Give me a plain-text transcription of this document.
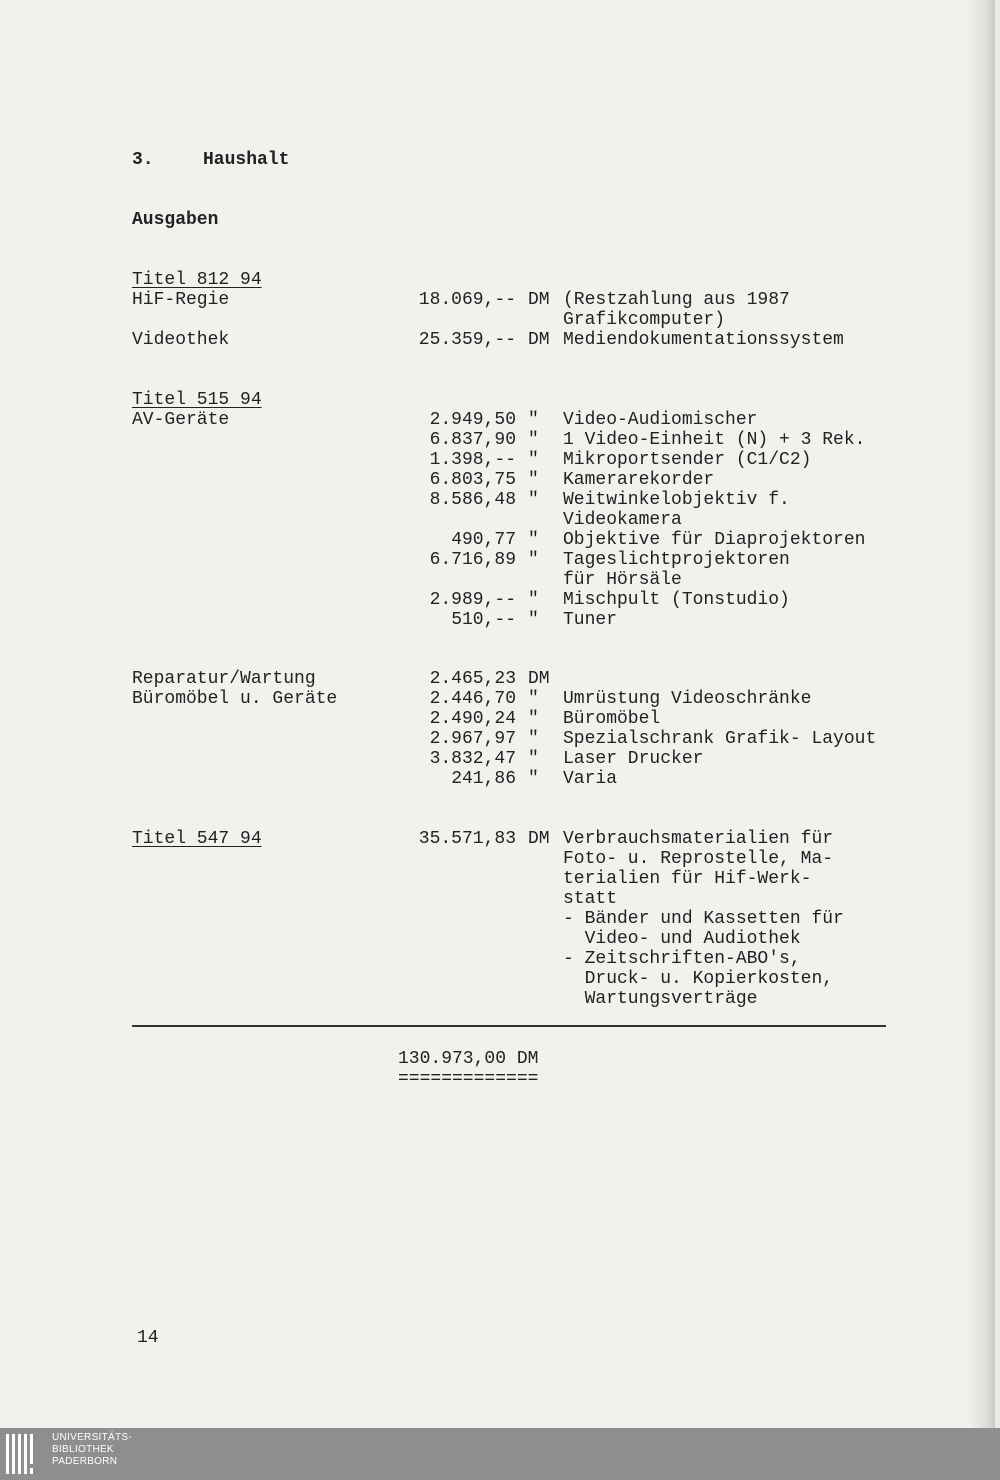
3.	Haushalt
Ausgaben
Titel 812 94
HiF-Regie	18.069,-- DM (Restzahlung aus 1987
Grafikcomputer)
Videothek	25.359,-- DM Mediendokumentationssystem
Titel 515 94
AV-Geräte	2.949,50 " Video-Audiomischer
6.837,90 " 1 Video-Einheit (N) + 3 Rek.
1.398,-- " Mikroportsender (C1/C2)
6.803,75 " Kamerarekorder
8.586,48 " Weitwinkelobjektiv f.
Videokamera
490,77 " Objektive für Diaprojektoren
6.716,89 " Tageslichtprojektoren
für Hörsäle
2.989,-- " Mischpult (Tonstudio)
510,-- " Tuner
Reparatur/Wartung	2.465,23 DM
Büromöbel u. Geräte	2.446,70 " Umrüstung Videoschränke
2.490,24 " Büromöbel
2.967,97 " Spezialschrank Grafik- Layout
3.832,47 " Laser Drucker
241,86 " Varia
Titel 547 94	35.571,83 DM Verbrauchsmaterialien für
Foto- u. Reprostelle, Ma-
terialien für Hif-Werk-
statt
- Bänder und Kassetten für
Video- und Audiothek
- Zeitschriften-ABO's,
Druck- u. Kopierkosten,
Wartungsverträge
130.973,00 DM
=============
14
UNIVERSITÄTS-
BIBLIOTHEK
PADERBORN
